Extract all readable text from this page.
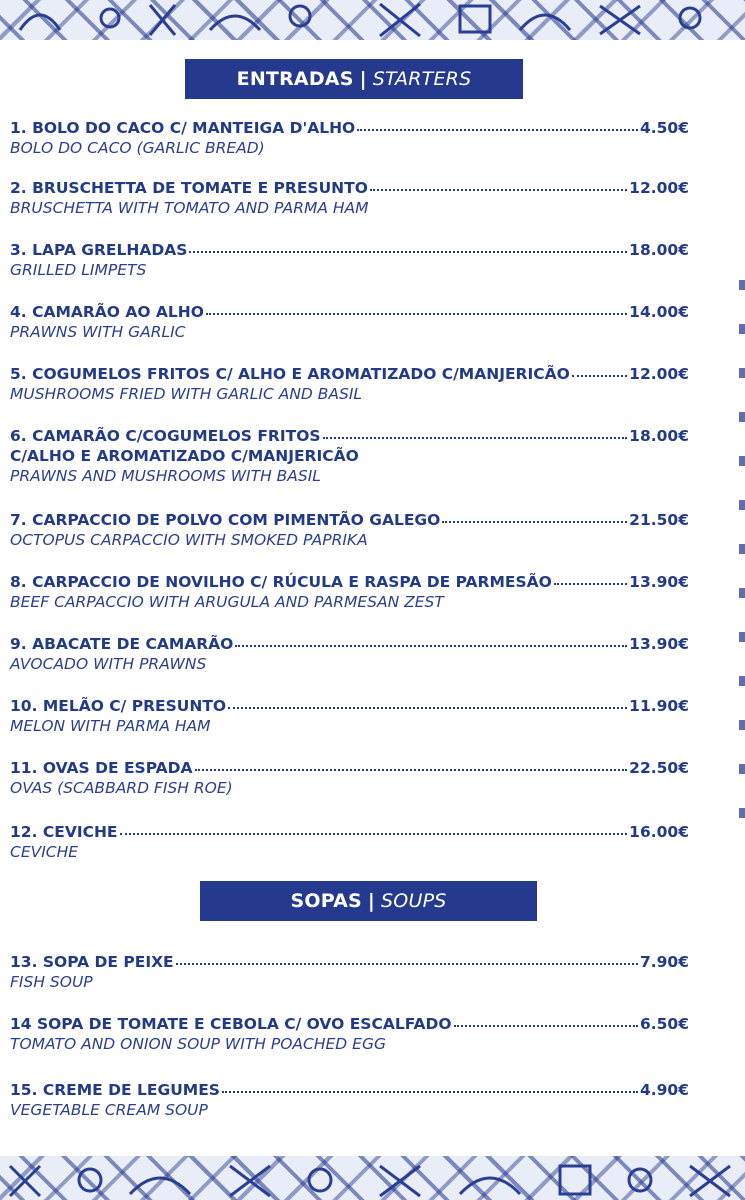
ENTRADAS | STARTERS
1. BOLO DO CACO C/ MANTEIGA D'ALHO	4.50€
BOLO DO CACO (GARLIC BREAD)
2. BRUSCHETTA DE TOMATE E PRESUNTO	12.00€
BRUSCHETTA WITH TOMATO AND PARMA HAM
3. LAPA GRELHADAS	18.00€
GRILLED LIMPETS
4. CAMARÃO AO ALHO	14.00€
PRAWNS WITH GARLIC
5. COGUMELOS FRITOS C/ ALHO E AROMATIZADO C/MANJERICÃO	12.00€
MUSHROOMS FRIED WITH GARLIC AND BASIL
6. CAMARÃO C/COGUMELOS FRITOS	18.00€
C/ALHO E AROMATIZADO C/MANJERICÃO
PRAWNS AND MUSHROOMS WITH BASIL
7. CARPACCIO DE POLVO COM PIMENTÃO GALEGO	21.50€
OCTOPUS CARPACCIO WITH SMOKED PAPRIKA
8. CARPACCIO DE NOVILHO C/ RÚCULA E RASPA DE PARMESÃO	13.90€
BEEF CARPACCIO WITH ARUGULA AND PARMESAN ZEST
9. ABACATE DE CAMARÃO	13.90€
AVOCADO WITH PRAWNS
10. MELÃO C/ PRESUNTO	11.90€
MELON WITH PARMA HAM
11. OVAS DE ESPADA	22.50€
OVAS (SCABBARD FISH ROE)
12. CEVICHE	16.00€
CEVICHE
SOPAS | SOUPS
13. SOPA DE PEIXE	7.90€
FISH SOUP
14 SOPA DE TOMATE E CEBOLA C/ OVO ESCALFADO	6.50€
TOMATO AND ONION SOUP WITH POACHED EGG
15. CREME DE LEGUMES	4.90€
VEGETABLE CREAM SOUP
